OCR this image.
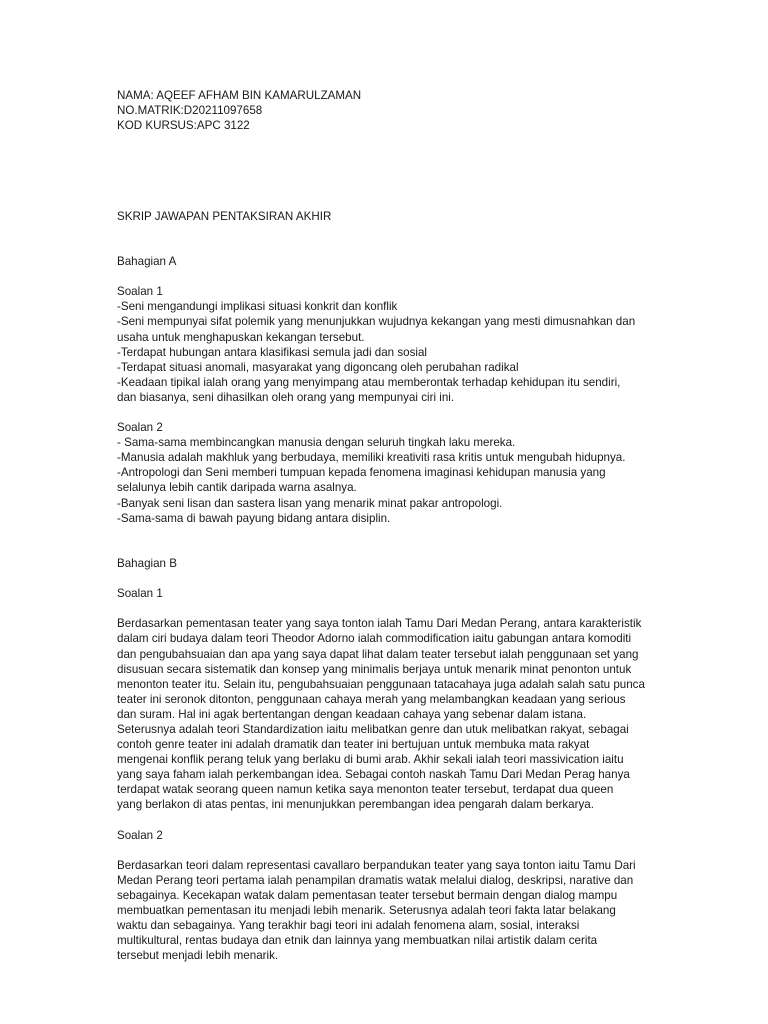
NAMA: AQEEF AFHAM BIN KAMARULZAMAN
NO.MATRIK:D20211097658
KOD KURSUS:APC 3122
SKRIP JAWAPAN PENTAKSIRAN AKHIR
Bahagian A
Soalan 1
-Seni mengandungi implikasi situasi konkrit dan konflik
-Seni mempunyai sifat polemik yang menunjukkan wujudnya kekangan yang mesti dimusnahkan dan
usaha untuk menghapuskan kekangan tersebut.
-Terdapat hubungan antara klasifikasi semula jadi dan sosial
-Terdapat situasi anomali, masyarakat yang digoncang oleh perubahan radikal
-Keadaan tipikal ialah orang yang menyimpang atau memberontak terhadap kehidupan itu sendiri,
dan biasanya, seni dihasilkan oleh orang yang mempunyai ciri ini.
Soalan 2
- Sama-sama membincangkan manusia dengan seluruh tingkah laku mereka.
-Manusia adalah makhluk yang berbudaya, memiliki kreativiti rasa kritis untuk mengubah hidupnya.
-Antropologi dan Seni memberi tumpuan kepada fenomena imaginasi kehidupan manusia yang
selalunya lebih cantik daripada warna asalnya.
-Banyak seni lisan dan sastera lisan yang menarik minat pakar antropologi.
-Sama-sama di bawah payung bidang antara disiplin.
Bahagian B
Soalan 1
Berdasarkan pementasan teater yang saya tonton ialah Tamu Dari Medan Perang, antara karakteristik
dalam ciri budaya dalam teori Theodor Adorno ialah commodification iaitu gabungan antara komoditi
dan pengubahsuaian dan apa yang saya dapat lihat dalam teater tersebut ialah penggunaan set yang
disusuan secara sistematik dan konsep yang minimalis berjaya untuk menarik minat penonton untuk
menonton teater itu. Selain itu, pengubahsuaian penggunaan tatacahaya juga adalah salah satu punca
teater ini seronok ditonton, penggunaan cahaya merah yang melambangkan keadaan yang serious
dan suram. Hal ini agak bertentangan dengan keadaan cahaya yang sebenar dalam istana.
Seterusnya adalah teori Standardization iaitu melibatkan genre dan utuk melibatkan rakyat, sebagai
contoh genre teater ini adalah dramatik dan teater ini bertujuan untuk membuka mata rakyat
mengenai konflik perang teluk yang berlaku di bumi arab. Akhir sekali ialah teori massivication iaitu
yang saya faham ialah perkembangan idea. Sebagai contoh naskah Tamu Dari Medan Perag hanya
terdapat watak seorang queen namun ketika saya menonton teater tersebut, terdapat dua queen
yang berlakon di atas pentas, ini menunjukkan perembangan idea pengarah dalam berkarya.
Soalan 2
Berdasarkan teori dalam representasi cavallaro berpandukan teater yang saya tonton iaitu Tamu Dari
Medan Perang teori pertama ialah penampilan dramatis watak melalui dialog, deskripsi, narative dan
sebagainya. Kecekapan watak dalam pementasan teater tersebut bermain dengan dialog mampu
membuatkan pementasan itu menjadi lebih menarik. Seterusnya adalah teori fakta latar belakang
waktu dan sebagainya. Yang terakhir bagi teori ini adalah fenomena alam, sosial, interaksi
multikultural, rentas budaya dan etnik dan lainnya yang membuatkan nilai artistik dalam cerita
tersebut menjadi lebih menarik.
